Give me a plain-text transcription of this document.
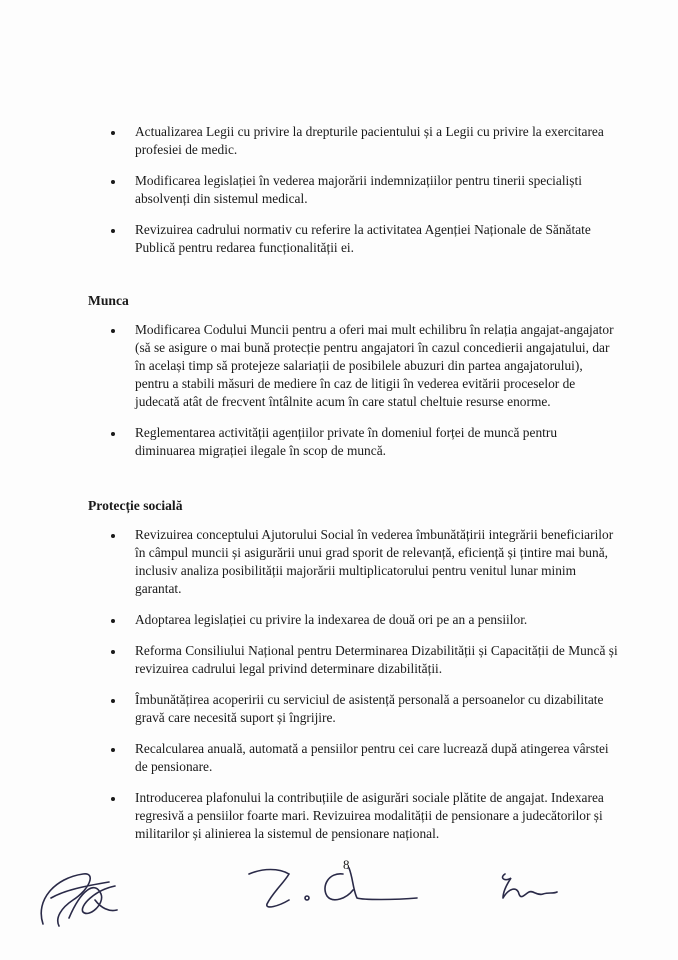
Actualizarea Legii cu privire la drepturile pacientului și a Legii cu privire la exercitarea profesiei de medic.
Modificarea legislației în vederea majorării indemnizațiilor pentru tinerii specialiști absolvenți din sistemul medical.
Revizuirea cadrului normativ cu referire la activitatea Agenției Naționale de Sănătate Publică pentru redarea funcționalității ei.
Munca
Modificarea Codului Muncii pentru a oferi mai mult echilibru în relația angajat-angajator (să se asigure o mai bună protecție pentru angajatori în cazul concedierii angajatului, dar în același timp să protejeze salariații de posibilele abuzuri din partea angajatorului), pentru a stabili măsuri de mediere în caz de litigii în vederea evitării proceselor de judecată atât de frecvent întâlnite acum în care statul cheltuie resurse enorme.
Reglementarea activității agențiilor private în domeniul forței de muncă pentru diminuarea migrației ilegale în scop de muncă.
Protecție socială
Revizuirea conceptului Ajutorului Social în vederea îmbunătățirii integrării beneficiarilor în câmpul muncii și asigurării unui grad sporit de relevanță, eficiență și țintire mai bună, inclusiv analiza posibilității majorării multiplicatorului pentru venitul lunar minim garantat.
Adoptarea legislației cu privire la indexarea de două ori pe an a pensiilor.
Reforma Consiliului Național pentru Determinarea Dizabilității și Capacității de Muncă și revizuirea cadrului legal privind determinare dizabilității.
Îmbunătățirea acoperirii cu serviciul de asistență personală a persoanelor cu dizabilitate gravă care necesită suport și îngrijire.
Recalcularea anuală, automată a pensiilor pentru cei care lucrează după atingerea vârstei de pensionare.
Introducerea plafonului la contribuțiile de asigurări sociale plătite de angajat. Indexarea regresivă a pensiilor foarte mari. Revizuirea modalității de pensionare a judecătorilor și militarilor și alinierea la sistemul de pensionare național.
8
